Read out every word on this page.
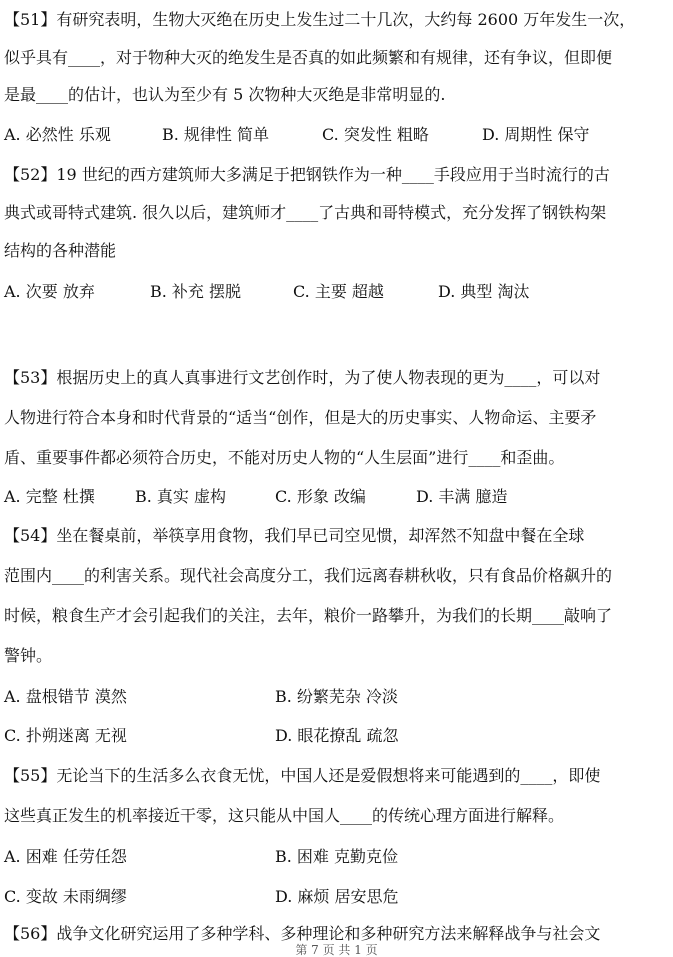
【51】有研究表明，生物大灭绝在历史上发生过二十几次，大约每 2600 万年发生一次，
似乎具有____，对于物种大灭的绝发生是否真的如此频繁和有规律，还有争议，但即便
是最____的估计，也认为至少有 5 次物种大灭绝是非常明显的.
A. 必然性 乐观	B. 规律性 简单	C. 突发性 粗略	D. 周期性 保守
【52】19 世纪的西方建筑师大多满足于把钢铁作为一种____手段应用于当时流行的古
典式或哥特式建筑. 很久以后，建筑师才____了古典和哥特模式，充分发挥了钢铁构架
结构的各种潜能
A. 次要 放弃	B. 补充 摆脱	C. 主要 超越	D. 典型 淘汰
【53】根据历史上的真人真事进行文艺创作时，为了使人物表现的更为____，可以对
人物进行符合本身和时代背景的“适当“创作，但是大的历史事实、人物命运、主要矛
盾、重要事件都必须符合历史，不能对历史人物的“人生层面”进行____和歪曲。
A. 完整 杜撰	B. 真实 虚构	C. 形象 改编	D. 丰满 臆造
【54】坐在餐桌前，举筷享用食物，我们早已司空见惯，却浑然不知盘中餐在全球
范围内____的利害关系。现代社会高度分工，我们远离春耕秋收，只有食品价格飙升的
时候，粮食生产才会引起我们的关注，去年，粮价一路攀升，为我们的长期____敲响了
警钟。
A. 盘根错节 漠然	B. 纷繁芜杂 冷淡
C. 扑朔迷离 无视	D. 眼花撩乱 疏忽
【55】无论当下的生活多么衣食无忧，中国人还是爱假想将来可能遇到的____，即使
这些真正发生的机率接近干零，这只能从中国人____的传统心理方面进行解释。
A. 困难 任劳任怨	B. 困难 克勤克俭
C. 变故 未雨绸缪	D. 麻烦 居安思危
【56】战争文化研究运用了多种学科、多种理论和多种研究方法来解释战争与社会文
第 7 页 共 1 页
